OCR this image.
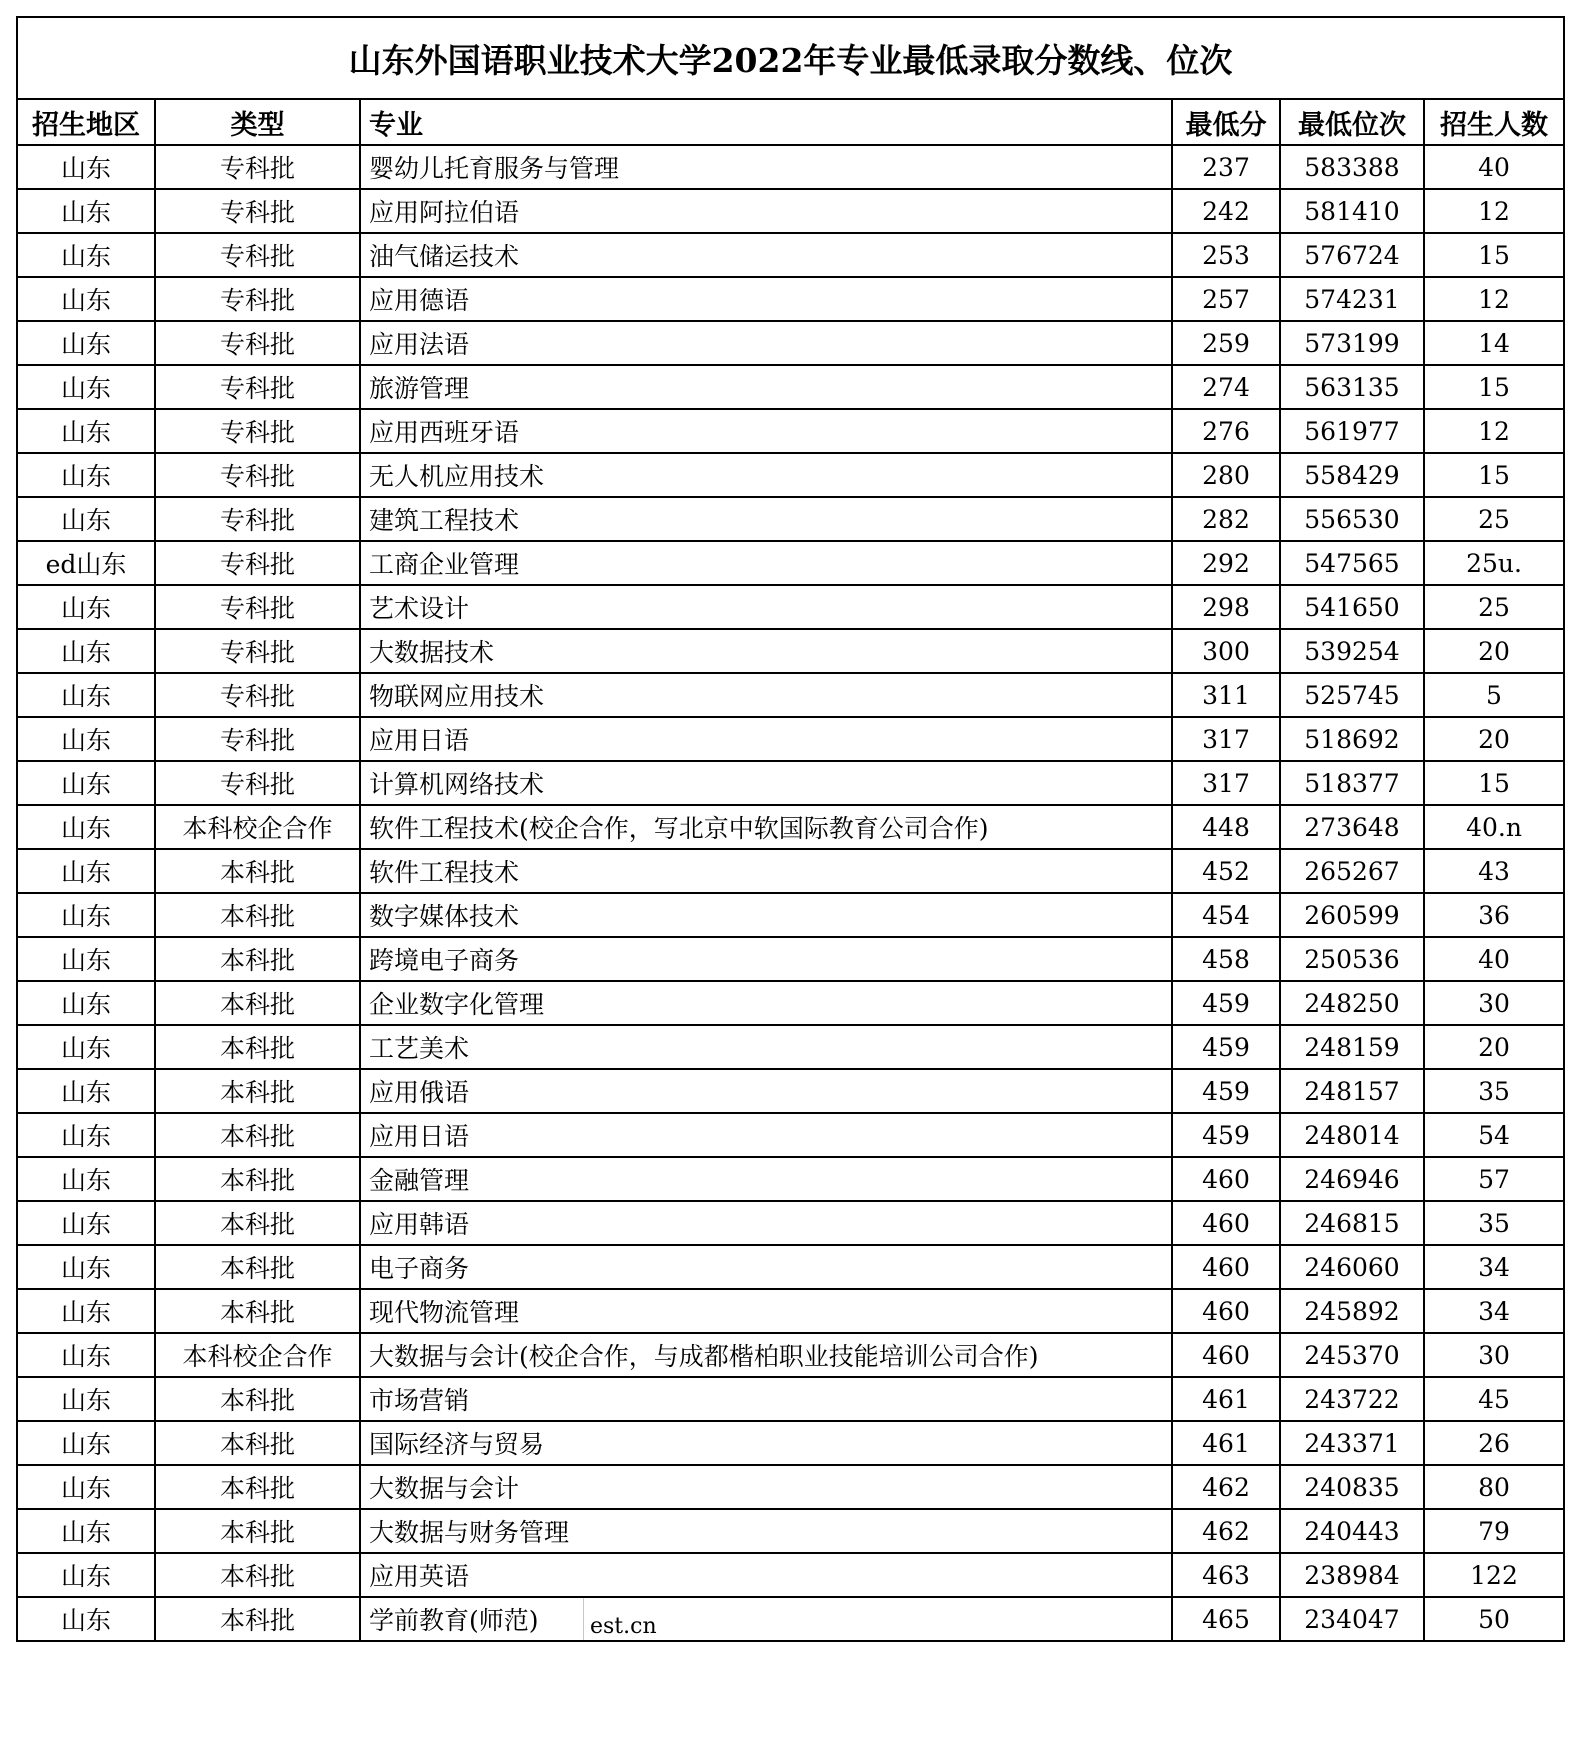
山东外国语职业技术大学2022年专业最低录取分数线、位次					
招生地区	类型	专业	最低分	最低位次	招生人数
山东	专科批	婴幼儿托育服务与管理	237	583388	40
山东	专科批	应用阿拉伯语	242	581410	12
山东	专科批	油气储运技术	253	576724	15
山东	专科批	应用德语	257	574231	12
山东	专科批	应用法语	259	573199	14
山东	专科批	旅游管理	274	563135	15
山东	专科批	应用西班牙语	276	561977	12
山东	专科批	无人机应用技术	280	558429	15
山东	专科批	建筑工程技术	282	556530	25
ed山东	专科批	工商企业管理	292	547565	25u.
山东	专科批	艺术设计	298	541650	25
山东	专科批	大数据技术	300	539254	20
山东	专科批	物联网应用技术	311	525745	5
山东	专科批	应用日语	317	518692	20
山东	专科批	计算机网络技术	317	518377	15
山东	本科校企合作	软件工程技术(校企合作，写北京中软国际教育公司合作)	448	273648	40.n
山东	本科批	软件工程技术	452	265267	43
山东	本科批	数字媒体技术	454	260599	36
山东	本科批	跨境电子商务	458	250536	40
山东	本科批	企业数字化管理	459	248250	30
山东	本科批	工艺美术	459	248159	20
山东	本科批	应用俄语	459	248157	35
山东	本科批	应用日语	459	248014	54
山东	本科批	金融管理	460	246946	57
山东	本科批	应用韩语	460	246815	35
山东	本科批	电子商务	460	246060	34
山东	本科批	现代物流管理	460	245892	34
山东	本科校企合作	大数据与会计(校企合作，与成都楷柏职业技能培训公司合作)	460	245370	30
山东	本科批	市场营销	461	243722	45
山东	本科批	国际经济与贸易	461	243371	26
山东	本科批	大数据与会计	462	240835	80
山东	本科批	大数据与财务管理	462	240443	79
山东	本科批	应用英语	463	238984	122
山东	本科批	学前教育(师范) est.cn	465	234047	50
